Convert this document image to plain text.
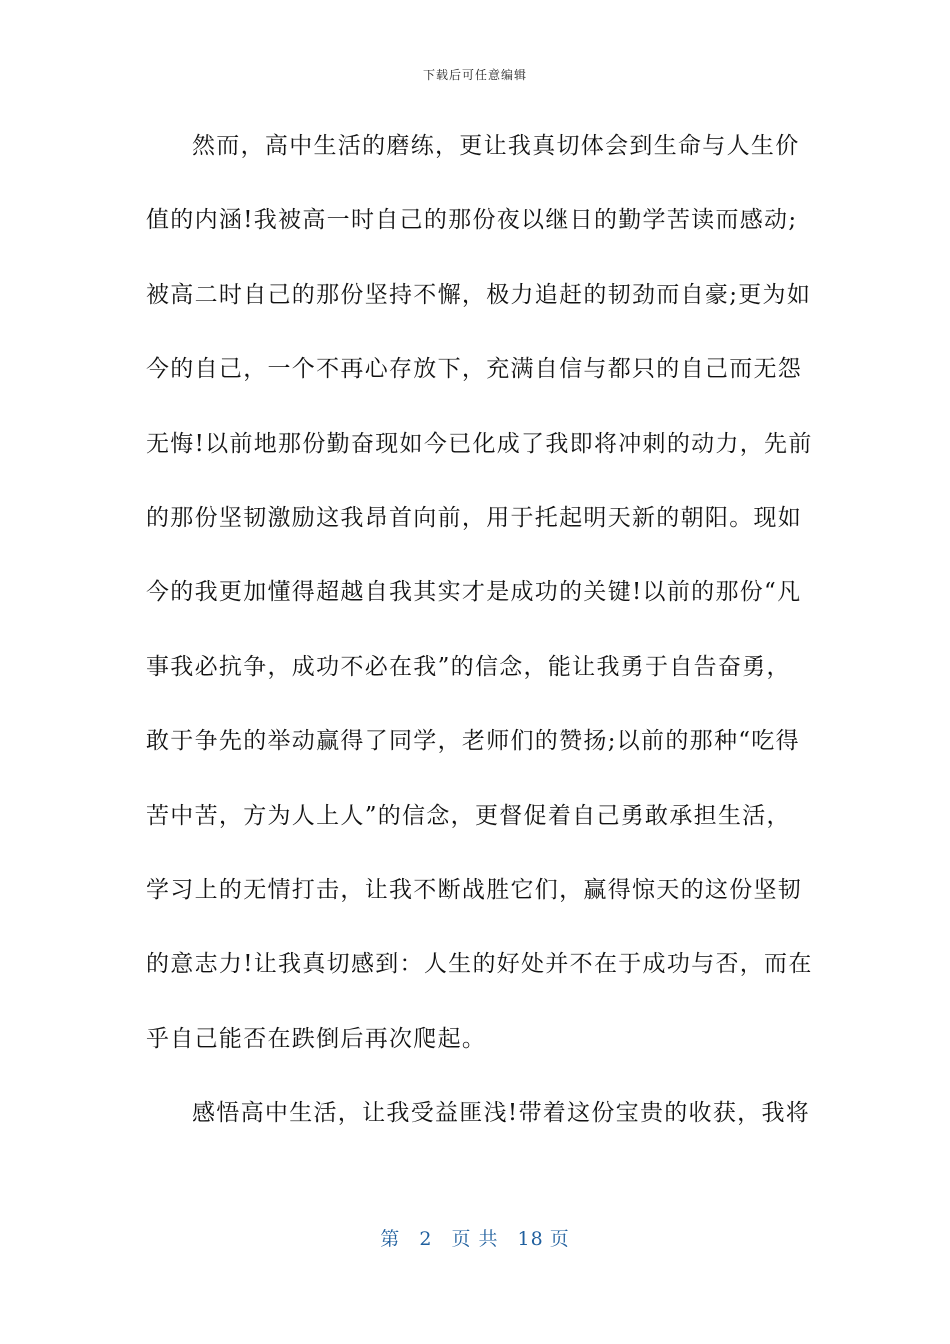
下载后可任意编辑
然而，高中生活的磨练，更让我真切体会到生命与人生价
值的内涵!我被高一时自己的那份夜以继日的勤学苦读而感动;
被高二时自己的那份坚持不懈，极力追赶的韧劲而自豪;更为如
今的自己，一个不再心存放下，充满自信与都只的自己而无怨
无悔!以前地那份勤奋现如今已化成了我即将冲刺的动力，先前
的那份坚韧激励这我昂首向前，用于托起明天新的朝阳。现如
今的我更加懂得超越自我其实才是成功的关键!以前的那份“凡
事我必抗争，成功不必在我”的信念，能让我勇于自告奋勇，
敢于争先的举动赢得了同学，老师们的赞扬;以前的那种“吃得
苦中苦，方为人上人”的信念，更督促着自己勇敢承担生活，
学习上的无情打击，让我不断战胜它们，赢得惊天的这份坚韧
的意志力!让我真切感到：人生的好处并不在于成功与否，而在
乎自己能否在跌倒后再次爬起。
感悟高中生活，让我受益匪浅!带着这份宝贵的收获，我将
第 2 页 共 18 页
